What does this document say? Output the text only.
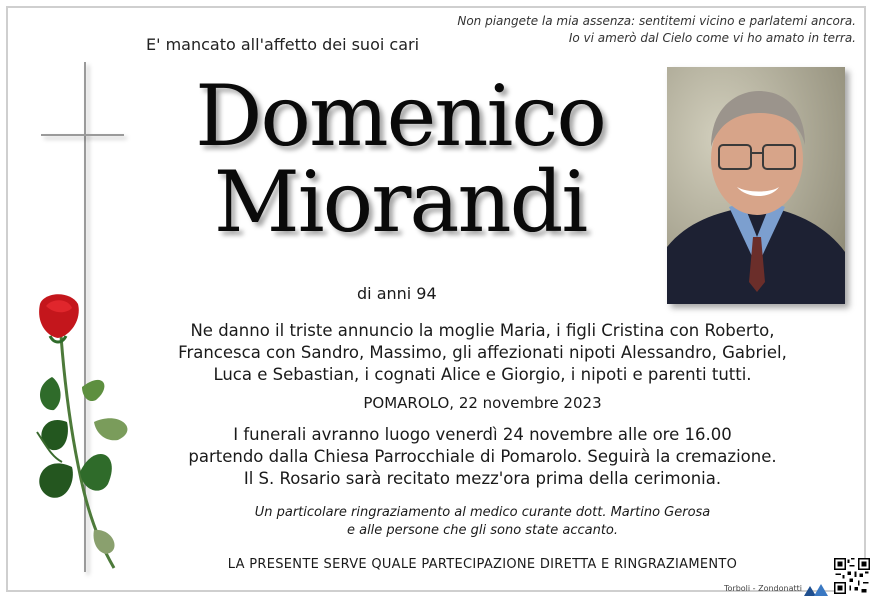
Non piangete la mia assenza: sentitemi vicino e parlatemi ancora.
Io vi amerò dal Cielo come vi ho amato in terra.
E' mancato all'affetto dei suoi cari
Domenico
Miorandi
di anni 94
Ne danno il triste annuncio la moglie Maria, i figli Cristina con Roberto,
Francesca con Sandro, Massimo, gli affezionati nipoti Alessandro, Gabriel,
Luca e Sebastian, i cognati Alice e Giorgio, i nipoti e parenti tutti.
POMAROLO, 22 novembre 2023
I funerali avranno luogo venerdì 24 novembre alle ore 16.00
partendo dalla Chiesa Parrocchiale di Pomarolo. Seguirà la cremazione.
Il S. Rosario sarà recitato mezz'ora prima della cerimonia.
Un particolare ringraziamento al medico curante dott. Martino Gerosa
e alle persone che gli sono state accanto.
LA PRESENTE SERVE QUALE PARTECIPAZIONE DIRETTA E RINGRAZIAMENTO
Torboli - Zondonatti
